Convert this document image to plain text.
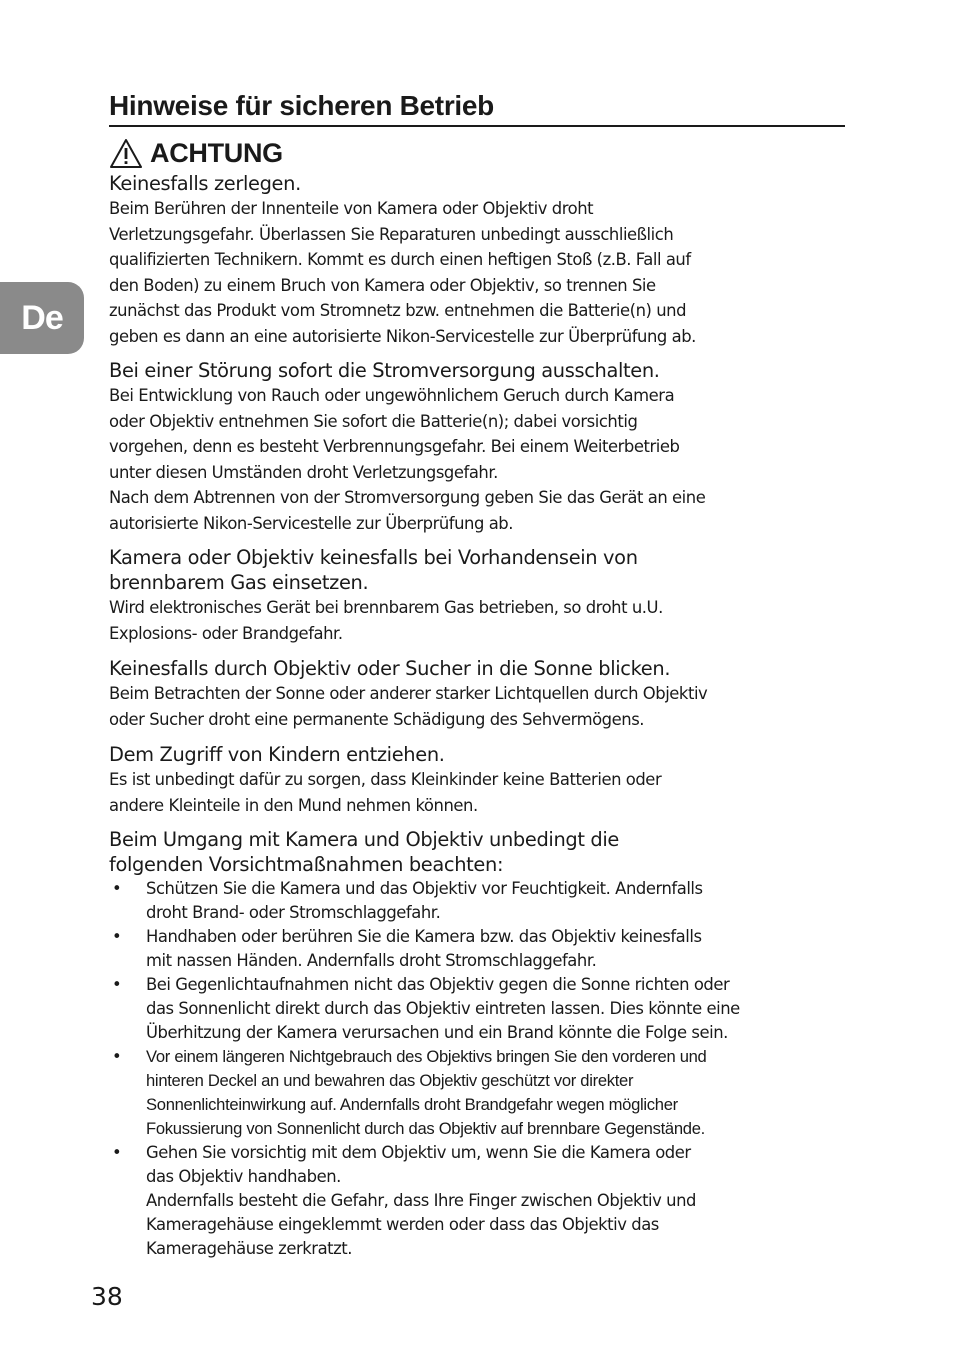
De
Hinweise für sicheren Betrieb
ACHTUNG
Keinesfalls zerlegen.

Beim Berühren der Innenteile von Kamera oder Objektiv droht

Verletzungsgefahr. Überlassen Sie Reparaturen unbedingt ausschließlich

qualifizierten Technikern. Kommt es durch einen heftigen Stoß (z.B. Fall auf

den Boden) zu einem Bruch von Kamera oder Objektiv, so trennen Sie

zunächst das Produkt vom Stromnetz bzw. entnehmen die Batterie(n) und

geben es dann an eine autorisierte Nikon-Servicestelle zur Überprüfung ab.

Bei einer Störung sofort die Stromversorgung ausschalten.

Bei Entwicklung von Rauch oder ungewöhnlichem Geruch durch Kamera

oder Objektiv entnehmen Sie sofort die Batterie(n); dabei vorsichtig

vorgehen, denn es besteht Verbrennungsgefahr. Bei einem Weiterbetrieb

unter diesen Umständen droht Verletzungsgefahr.

Nach dem Abtrennen von der Stromversorgung geben Sie das Gerät an eine

autorisierte Nikon-Servicestelle zur Überprüfung ab.

Kamera oder Objektiv keinesfalls bei Vorhandensein von
brennbarem Gas einsetzen.

Wird elektronisches Gerät bei brennbarem Gas betrieben, so droht u.U.

Explosions- oder Brandgefahr.

Keinesfalls durch Objektiv oder Sucher in die Sonne blicken.

Beim Betrachten der Sonne oder anderer starker Lichtquellen durch Objektiv

oder Sucher droht eine permanente Schädigung des Sehvermögens.

Dem Zugriff von Kindern entziehen.

Es ist unbedingt dafür zu sorgen, dass Kleinkinder keine Batterien oder

andere Kleinteile in den Mund nehmen können.

Beim Umgang mit Kamera und Objektiv unbedingt die
folgenden Vorsichtmaßnahmen beachten:
• Schützen Sie die Kamera und das Objektiv vor Feuchtigkeit. Andernfalls
droht Brand- oder Stromschlaggefahr.
• Handhaben oder berühren Sie die Kamera bzw. das Objektiv keinesfalls
mit nassen Händen. Andernfalls droht Stromschlaggefahr.
• Bei Gegenlichtaufnahmen nicht das Objektiv gegen die Sonne richten oder
das Sonnenlicht direkt durch das Objektiv eintreten lassen. Dies könnte eine
Überhitzung der Kamera verursachen und ein Brand könnte die Folge sein.
• Vor einem längeren Nichtgebrauch des Objektivs bringen Sie den vorderen und
hinteren Deckel an und bewahren das Objektiv geschützt vor direkter
Sonnenlichteinwirkung auf. Andernfalls droht Brandgefahr wegen möglicher
Fokussierung von Sonnenlicht durch das Objektiv auf brennbare Gegenstände.
• Gehen Sie vorsichtig mit dem Objektiv um, wenn Sie die Kamera oder
das Objektiv handhaben.
Andernfalls besteht die Gefahr, dass Ihre Finger zwischen Objektiv und
Kameragehäuse eingeklemmt werden oder dass das Objektiv das
Kameragehäuse zerkratzt.
38
